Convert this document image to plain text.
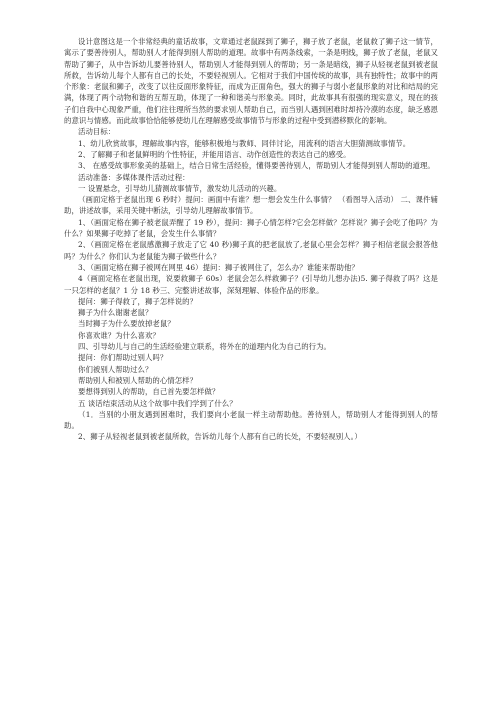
设计意图这是一个非常经典的童话故事，文章通过老鼠踩到了狮子，狮子放了老鼠，老鼠救了狮子这一情节，寓示了要善待别人，帮助别人才能得到别人帮助的道理。故事中有两条线索，一条是明线，狮子放了老鼠，老鼠又帮助了狮子，从中告诉幼儿要善待别人，帮助别人才能得到别人的帮助；另一条是暗线，狮子从轻视老鼠到被老鼠所救，告诉幼儿每个人都有自己的长处，不要轻视别人。它相对于我们中国传统的故事，具有独特性；故事中的两个形象：老鼠和狮子，改变了以往反面形象特征，而成为正面角色，强大的狮子与弱小老鼠形象的对比和结局的完满，体现了两个动物和谐的互帮互助，体现了一种和谐美与形象美。同时，此故事具有很强的现实意义，现在的孩子们自我中心现象严重，他们往往理所当然的要求别人帮助自己，而当别人遇到困难时却持冷漠的态度，缺乏感恩的意识与情感。而此故事恰恰能够使幼儿在理解感受故事情节与形象的过程中受到潜移默化的影响。

活动目标：

1、幼儿欣赏故事，理解故事内容，能够积极地与教师、同伴讨论，用流利的语言大胆猜测故事情节。

2、了解狮子和老鼠鲜明的个性特征，并能用语言、动作创造性的表达自己的感受。

3、 在感受故事形象美的基础上，结合日常生活经验，懂得要善待别人，帮助别人才能得到别人帮助的道理。

活动准备：多媒体课件活动过程：

一 设置悬念，引导幼儿猜测故事情节，激发幼儿活动的兴趣。

（画面定格于老鼠出现 6 秒时）提问：画面中有谁？想一想会发生什么事情？ （看图导入活动） 二、课件辅助，讲述故事，采用关键中断法，引导幼儿理解故事情节。

1、（画面定格在狮子被老鼠弄醒了 19 秒），提问：狮子心情怎样?它会怎样做？怎样说？狮子会吃了他吗？为什么？如果狮子吃掉了老鼠，会发生什么事情？

2、（画面定格在老鼠感激狮子放走了它 40 秒)狮子真的把老鼠放了,老鼠心里会怎样？狮子相信老鼠会报答他吗？为什么？你们认为老鼠能为狮子做些什么？

3、（画面定格在狮子被网在网里 46）提问：狮子被网住了，怎么办？谁能来帮助他？

4（画面定格在老鼠出现，说要救狮子 60s）老鼠会怎么样救狮子？(引导幼儿想办法)5. 狮子得救了吗？这是一只怎样的老鼠？1 分 18 秒三、完整讲述故事，深刻理解、体验作品的形象。

提问：狮子得救了，狮子怎样说的？

狮子为什么谢谢老鼠？

当时狮子为什么要放掉老鼠？

你喜欢谁？为什么喜欢？

四、引导幼儿与自己的生活经验建立联系，将外在的道理内化为自己的行为。

提问：你们帮助过别人吗？

你们被别人帮助过么？

帮助别人和被别人帮助的心情怎样？

要想得到别人的帮助，自己首先要怎样做？

五 谈话结束活动从这个故事中我们学到了什么？

（1．当别的小朋友遇到困难时，我们要向小老鼠一样主动帮助他。善待别人，帮助别人才能得到别人的帮助。

2、狮子从轻视老鼠到被老鼠所救，告诉幼儿每个人都有自己的长处，不要轻视别人。）
